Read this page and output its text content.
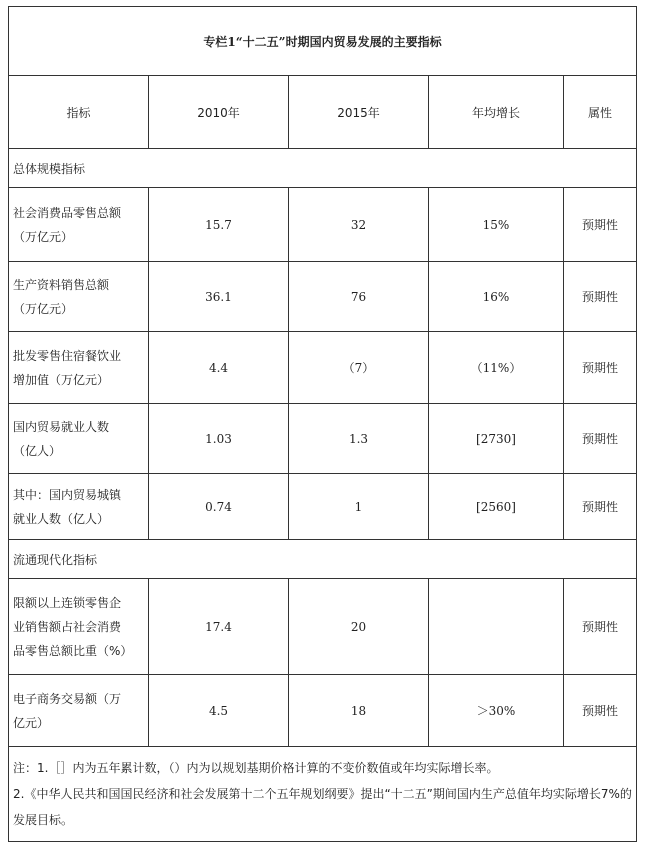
专栏1“十二五”时期国内贸易发展的主要指标				
指标	2010年	2015年	年均增长	属性
总体规模指标				

社会消费品零售总额
（万亿元）	15.7	32	15%	预期性

生产资料销售总额
（万亿元）	36.1	76	16%	预期性

批发零售住宿餐饮业
增加值（万亿元）	4.4	（7）	（11%）	预期性

国内贸易就业人数
（亿人）	1.03	1.3	[2730]	预期性

其中：国内贸易城镇
就业人数（亿人）	0.74	1	[2560]	预期性
流通现代化指标				

限额以上连锁零售企
业销售额占社会消费
品零售总额比重（%）	17.4	20		预期性

电子商务交易额（万
亿元）	4.5	18	＞30%	预期性

注：1.［］内为五年累计数，（）内为以规划基期价格计算的不变价数值或年均实际增长率。
2.《中华人民共和国国民经济和社会发展第十二个五年规划纲要》提出“十二五”期间国内生产总值年均实际增长7%的发展目标。				
